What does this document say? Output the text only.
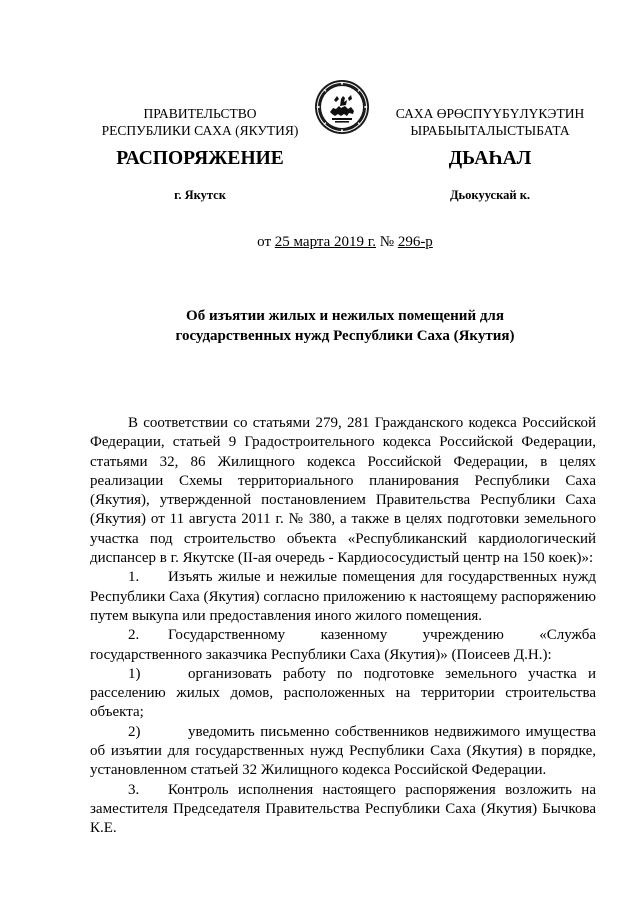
ПРАВИТЕЛЬСТВО
РЕСПУБЛИКИ САХА (ЯКУТИЯ)
САХА ӨРӨСПҮҮБҮЛҮКЭТИН
ЫРАБЫЫТАЛЫСТЫБАТА
РАСПОРЯЖЕНИЕ	ДЬАҺАЛ
г. Якутск	Дьокуускай к.
от 25 марта 2019 г. № 296-р
Об изъятии жилых и нежилых помещений для
государственных нужд Республики Саха (Якутия)

В соответствии со статьями 279, 281 Гражданского кодекса Российской Федерации, статьей 9 Градостроительного кодекса Российской Федерации, статьями 32, 86 Жилищного кодекса Российской Федерации, в целях реализации Схемы территориального планирования Республики Саха (Якутия), утвержденной постановлением Правительства Республики Саха (Якутия) от 11 августа 2011 г. № 380, а также в целях подготовки земельного участка под строительство объекта «Республиканский кардиологический диспансер в г. Якутске (II-ая очередь - Кардиососудистый центр на 150 коек)»:

1. Изъять жилые и нежилые помещения для государственных нужд Республики Саха (Якутия) согласно приложению к настоящему распоряжению путем выкупа или предоставления иного жилого помещения.

2. Государственному казенному учреждению «Служба государственного заказчика Республики Саха (Якутия)» (Поисеев Д.Н.):

1)	организовать работу по подготовке земельного участка и расселению жилых домов, расположенных на территории строительства объекта;

2)	уведомить письменно собственников недвижимого имущества об изъятии для государственных нужд Республики Саха (Якутия) в порядке, установленном статьей 32 Жилищного кодекса Российской Федерации.

3. Контроль исполнения настоящего распоряжения возложить на заместителя Председателя Правительства Республики Саха (Якутия) Бычкова К.Е.
